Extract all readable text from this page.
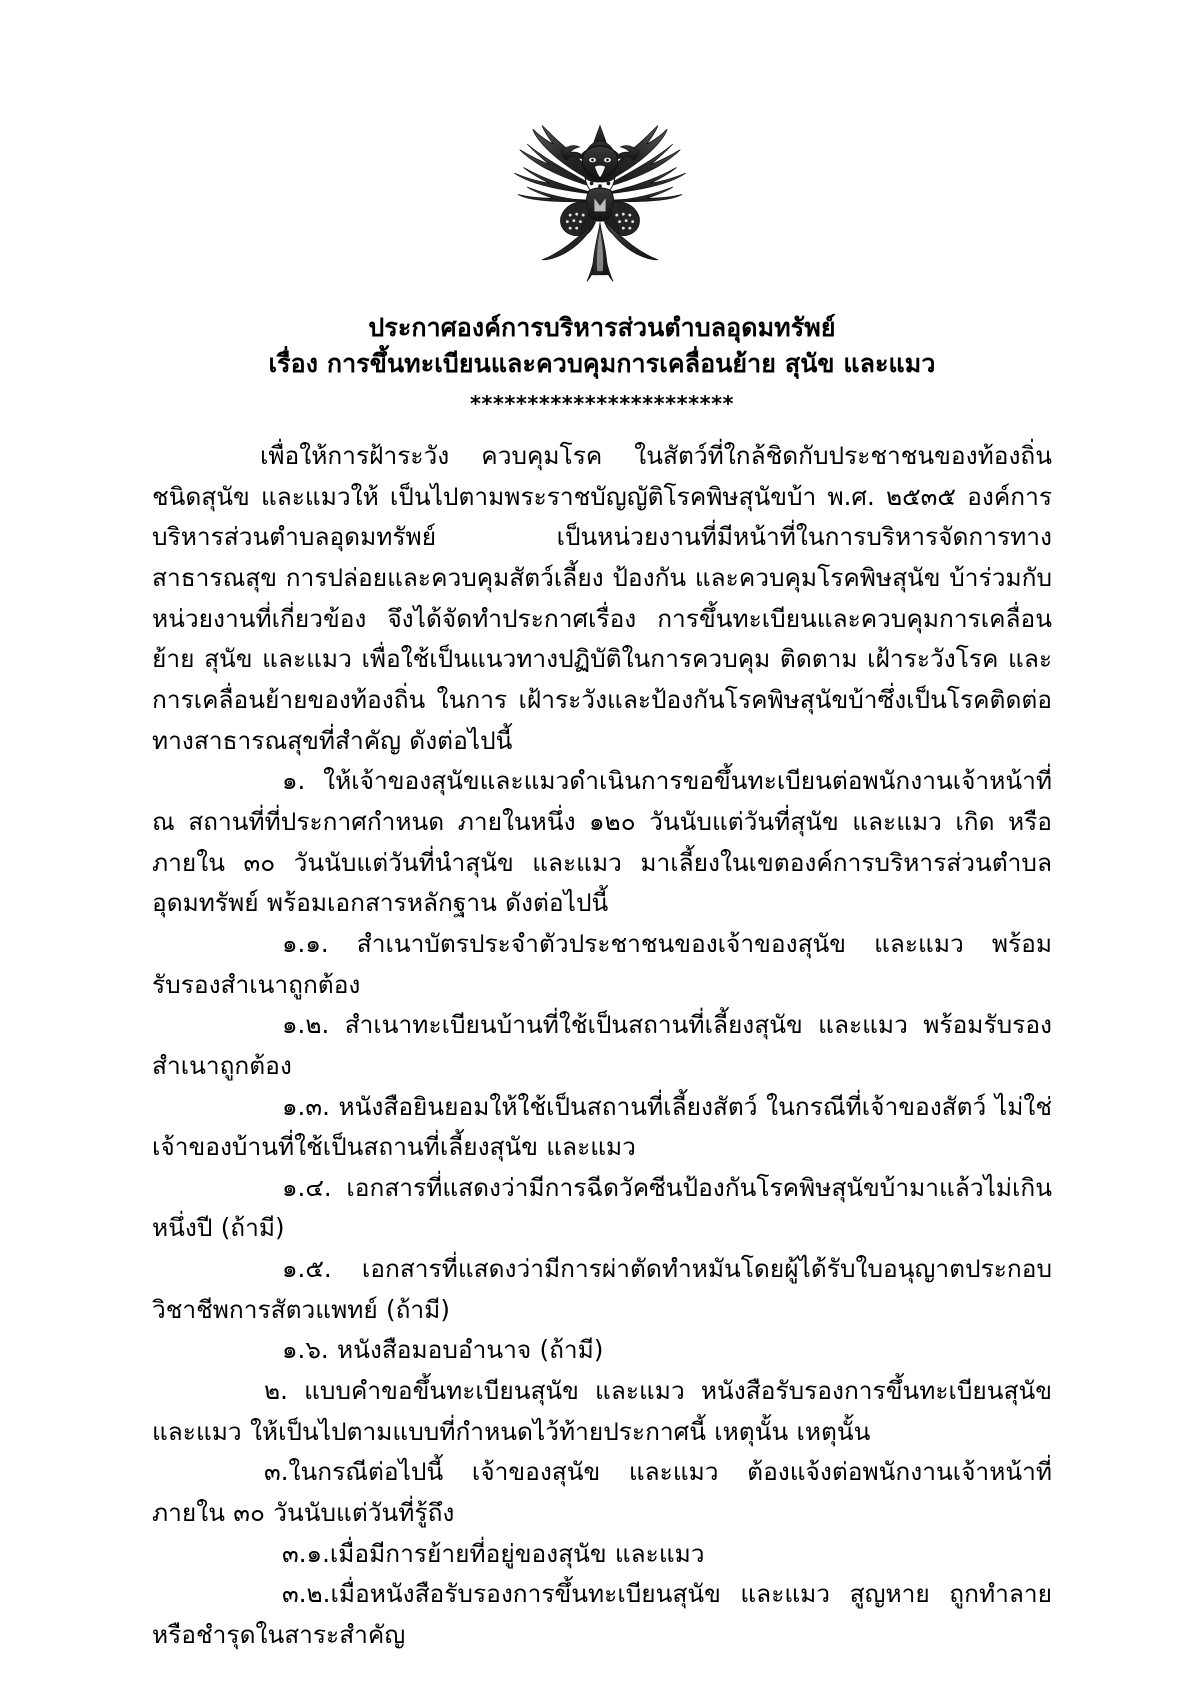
ประกาศองค์การบริหารส่วนตำบลอุดมทรัพย์
เรื่อง การขึ้นทะเบียนและควบคุมการเคลื่อนย้าย สุนัข และแมว
***********************

เพื่อให้การฝ้าระวัง ควบคุมโรค ในสัตว์ที่ใกล้ชิดกับประชาชนของท้องถิ่น ชนิดสุนัข และแมวให้ เป็นไปตามพระราชบัญญัติโรคพิษสุนัขบ้า พ.ศ. ๒๕๓๕ องค์การบริหารส่วนตำบลอุดมทรัพย์ เป็นหน่วยงานที่มีหน้าที่ในการบริหารจัดการทางสาธารณสุข การปล่อยและควบคุมสัตว์เลี้ยง ป้องกัน และควบคุมโรคพิษสุนัข บ้าร่วมกับหน่วยงานที่เกี่ยวข้อง จึงได้จัดทำประกาศเรื่อง การขึ้นทะเบียนและควบคุมการเคลื่อนย้าย สุนัข และแมว เพื่อใช้เป็นแนวทางปฏิบัติในการควบคุม ติดตาม เฝ้าระวังโรค และการเคลื่อนย้ายของท้องถิ่น ในการ เฝ้าระวังและป้องกันโรคพิษสุนัขบ้าซึ่งเป็นโรคติดต่อทางสาธารณสุขที่สำคัญ ดังต่อไปนี้

๑. ให้เจ้าของสุนัขและแมวดำเนินการขอขึ้นทะเบียนต่อพนักงานเจ้าหน้าที่ ณ สถานที่ที่ประกาศกำหนด ภายในหนึ่ง ๑๒๐ วันนับแต่วันที่สุนัข และแมว เกิด หรือ ภายใน ๓๐ วันนับแต่วันที่นำสุนัข และแมว มาเลี้ยงในเขตองค์การบริหารส่วนตำบลอุดมทรัพย์ พร้อมเอกสารหลักฐาน ดังต่อไปนี้

๑.๑. สำเนาบัตรประจำตัวประชาชนของเจ้าของสุนัข และแมว พร้อมรับรองสำเนาถูกต้อง

๑.๒. สำเนาทะเบียนบ้านที่ใช้เป็นสถานที่เลี้ยงสุนัข และแมว พร้อมรับรองสำเนาถูกต้อง

๑.๓. หนังสือยินยอมให้ใช้เป็นสถานที่เลี้ยงสัตว์ ในกรณีที่เจ้าของสัตว์ ไม่ใช่ เจ้าของบ้านที่ใช้เป็นสถานที่เลี้ยงสุนัข และแมว

๑.๔. เอกสารที่แสดงว่ามีการฉีดวัคซีนป้องกันโรคพิษสุนัขบ้ามาแล้วไม่เกินหนึ่งปี (ถ้ามี)

๑.๕. เอกสารที่แสดงว่ามีการผ่าตัดทำหมันโดยผู้ได้รับใบอนุญาตประกอบวิชาชีพการสัตวแพทย์ (ถ้ามี)

๑.๖. หนังสือมอบอำนาจ (ถ้ามี)

๒. แบบคำขอขึ้นทะเบียนสุนัข และแมว หนังสือรับรองการขึ้นทะเบียนสุนัข และแมว ให้เป็นไปตามแบบที่กำหนดไว้ท้ายประกาศนี้ เหตุนั้น เหตุนั้น

๓.ในกรณีต่อไปนี้ เจ้าของสุนัข และแมว ต้องแจ้งต่อพนักงานเจ้าหน้าที่ภายใน ๓๐ วันนับแต่วันที่รู้ถึง

๓.๑.เมื่อมีการย้ายที่อยู่ของสุนัข และแมว

๓.๒.เมื่อหนังสือรับรองการขึ้นทะเบียนสุนัข และแมว สูญหาย ถูกทำลาย หรือชำรุดในสาระสำคัญ
